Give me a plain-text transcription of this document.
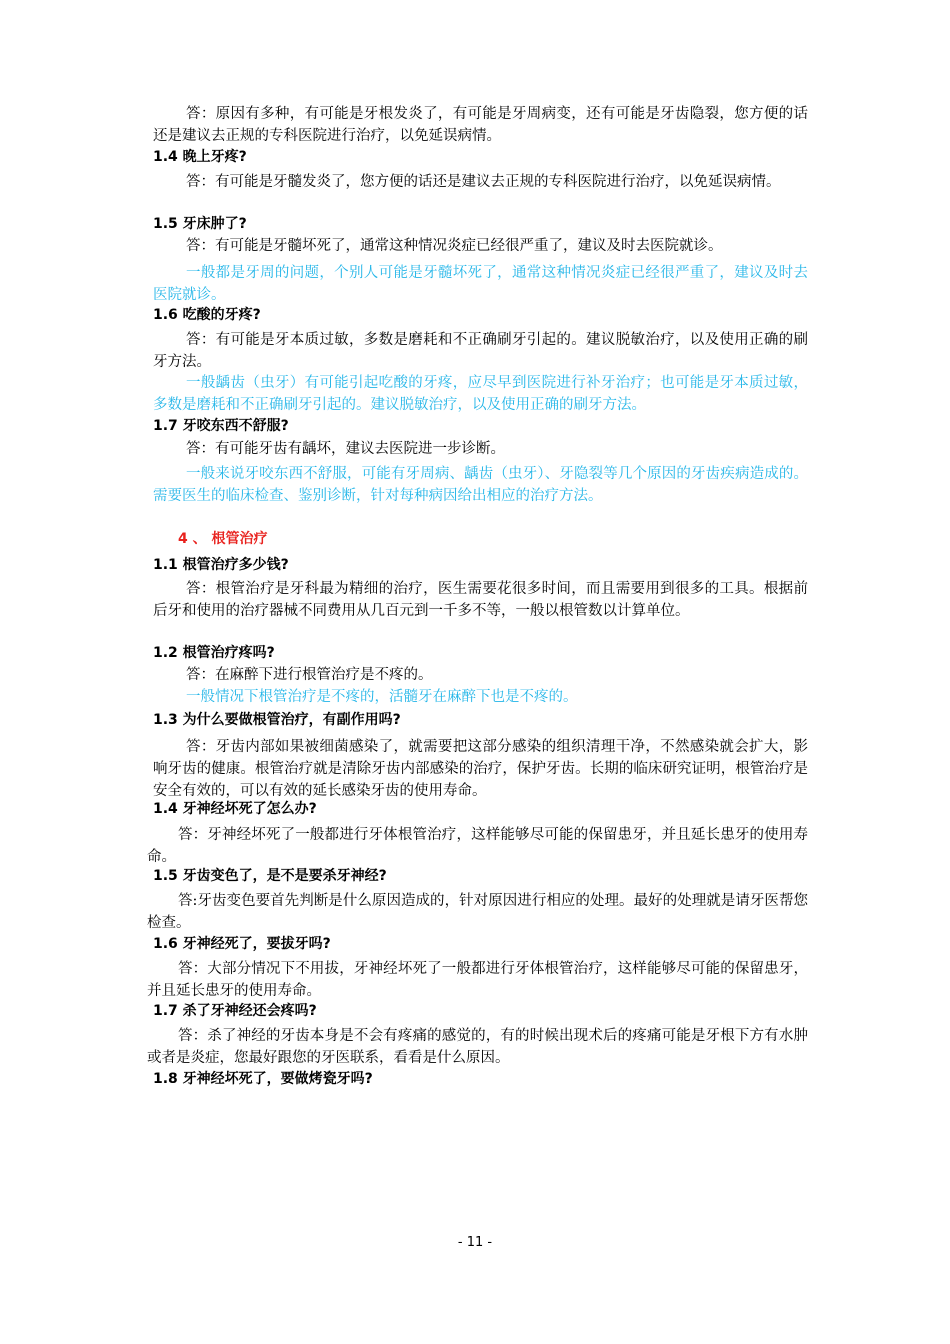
答：原因有多种，有可能是牙根发炎了，有可能是牙周病变，还有可能是牙齿隐裂，您方便的话还是建议去正规的专科医院进行治疗，以免延误病情。
1.4 晚上牙疼?
答：有可能是牙髓发炎了，您方便的话还是建议去正规的专科医院进行治疗，以免延误病情。
1.5 牙床肿了?
答：有可能是牙髓坏死了，通常这种情况炎症已经很严重了，建议及时去医院就诊。
一般都是牙周的问题，个别人可能是牙髓坏死了，通常这种情况炎症已经很严重了，建议及时去医院就诊。
1.6 吃酸的牙疼?
答：有可能是牙本质过敏，多数是磨耗和不正确刷牙引起的。建议脱敏治疗，以及使用正确的刷牙方法。
一般龋齿（虫牙）有可能引起吃酸的牙疼，应尽早到医院进行补牙治疗；也可能是牙本质过敏，多数是磨耗和不正确刷牙引起的。建议脱敏治疗，以及使用正确的刷牙方法。
1.7 牙咬东西不舒服?
答：有可能牙齿有龋坏，建议去医院进一步诊断。
一般来说牙咬东西不舒服，可能有牙周病、龋齿（虫牙）、牙隐裂等几个原因的牙齿疾病造成的。需要医生的临床检查、鉴别诊断，针对每种病因给出相应的治疗方法。
4 、 根管治疗
1.1 根管治疗多少钱?
答：根管治疗是牙科最为精细的治疗，医生需要花很多时间，而且需要用到很多的工具。根据前后牙和使用的治疗器械不同费用从几百元到一千多不等，一般以根管数以计算单位。
1.2 根管治疗疼吗?
答：在麻醉下进行根管治疗是不疼的。
一般情况下根管治疗是不疼的，活髓牙在麻醉下也是不疼的。
1.3 为什么要做根管治疗，有副作用吗?
答：牙齿内部如果被细菌感染了，就需要把这部分感染的组织清理干净，不然感染就会扩大，影响牙齿的健康。根管治疗就是清除牙齿内部感染的治疗，保护牙齿。长期的临床研究证明，根管治疗是安全有效的，可以有效的延长感染牙齿的使用寿命。
1.4 牙神经坏死了怎么办?
答：牙神经坏死了一般都进行牙体根管治疗，这样能够尽可能的保留患牙，并且延长患牙的使用寿命。
1.5 牙齿变色了，是不是要杀牙神经?
答:牙齿变色要首先判断是什么原因造成的，针对原因进行相应的处理。最好的处理就是请牙医帮您检查。
1.6 牙神经死了，要拔牙吗?
答：大部分情况下不用拔，牙神经坏死了一般都进行牙体根管治疗，这样能够尽可能的保留患牙，并且延长患牙的使用寿命。
1.7 杀了牙神经还会疼吗?
答：杀了神经的牙齿本身是不会有疼痛的感觉的，有的时候出现术后的疼痛可能是牙根下方有水肿或者是炎症，您最好跟您的牙医联系，看看是什么原因。
1.8 牙神经坏死了，要做烤瓷牙吗?
- 11 -
